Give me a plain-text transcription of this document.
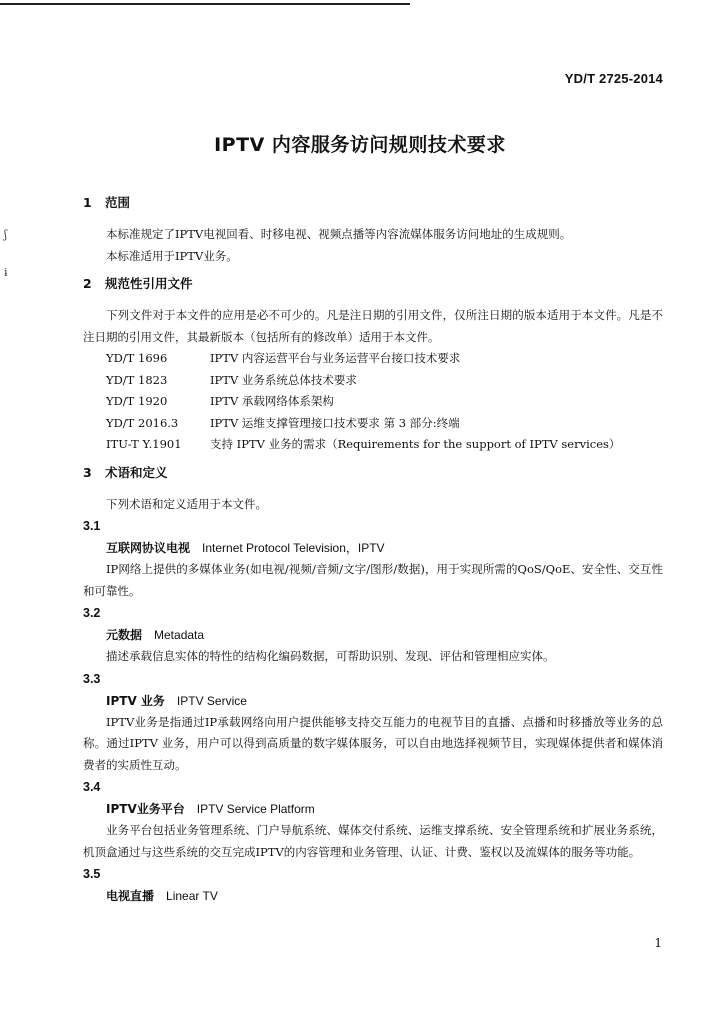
YD/T 2725-2014
IPTV 内容服务访问规则技术要求
ʃ
ɨ

1 范围

本标准规定了IPTV电视回看、时移电视、视频点播等内容流媒体服务访问地址的生成规则。

本标准适用于IPTV业务。

2 规范性引用文件

下列文件对于本文件的应用是必不可少的。凡是注日期的引用文件，仅所注日期的版本适用于本文件。凡是不注日期的引用文件，其最新版本（包括所有的修改单）适用于本文件。

YD/T 1696	IPTV 内容运营平台与业务运营平台接口技术要求
YD/T 1823	IPTV 业务系统总体技术要求
YD/T 1920	IPTV 承载网络体系架构
YD/T 2016.3	IPTV 运维支撑管理接口技术要求 第 3 部分:终端
ITU-T Y.1901	支持 IPTV 业务的需求（Requirements for the support of IPTV services）

3 术语和定义

下列术语和定义适用于本文件。

3.1

互联网协议电视 Internet Protocol Television，IPTV

IP网络上提供的多媒体业务(如电视/视频/音频/文字/图形/数据)，用于实现所需的QoS/QoE、安全性、交互性和可靠性。

3.2

元数据 Metadata

描述承载信息实体的特性的结构化编码数据，可帮助识别、发现、评估和管理相应实体。

3.3

IPTV 业务 IPTV Service

IPTV业务是指通过IP承载网络向用户提供能够支持交互能力的电视节目的直播、点播和时移播放等业务的总称。通过IPTV 业务，用户可以得到高质量的数字媒体服务，可以自由地选择视频节目，实现媒体提供者和媒体消费者的实质性互动。

3.4

IPTV业务平台 IPTV Service Platform

业务平台包括业务管理系统、门户导航系统、媒体交付系统、运维支撑系统、安全管理系统和扩展业务系统，机顶盒通过与这些系统的交互完成IPTV的内容管理和业务管理、认证、计费、鉴权以及流媒体的服务等功能。

3.5

电视直播 Linear TV

1
